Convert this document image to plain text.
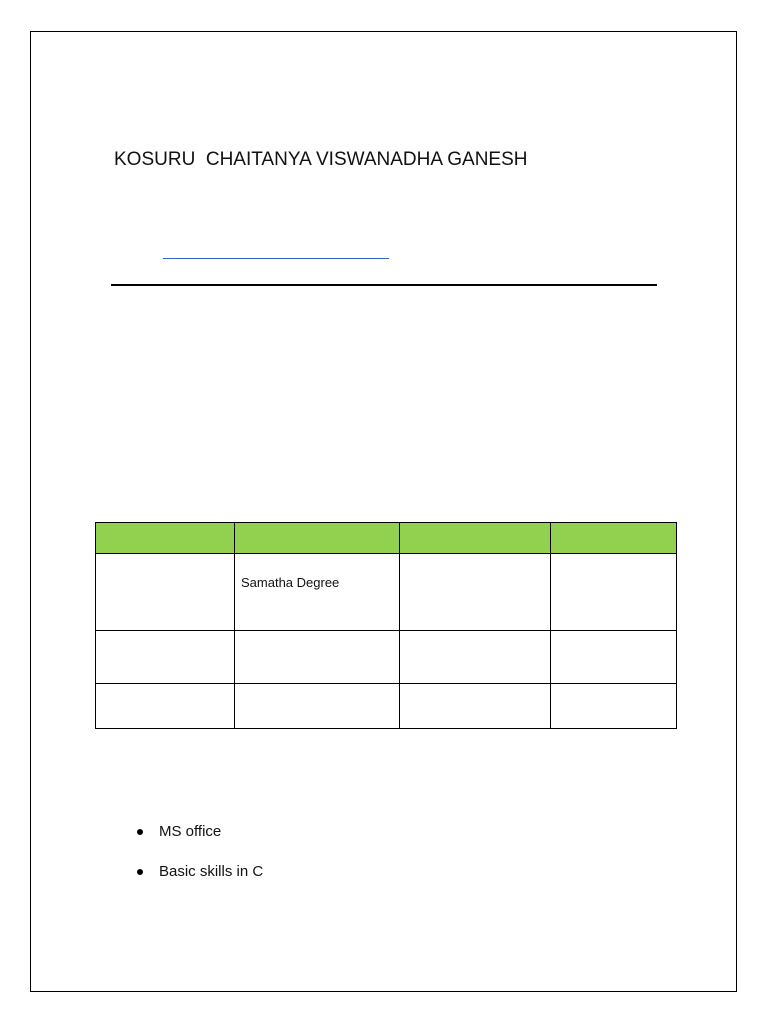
KOSURU  CHAITANYA VISWANADHA GANESH

	Samatha Degree		

MS office
Basic skills in C
